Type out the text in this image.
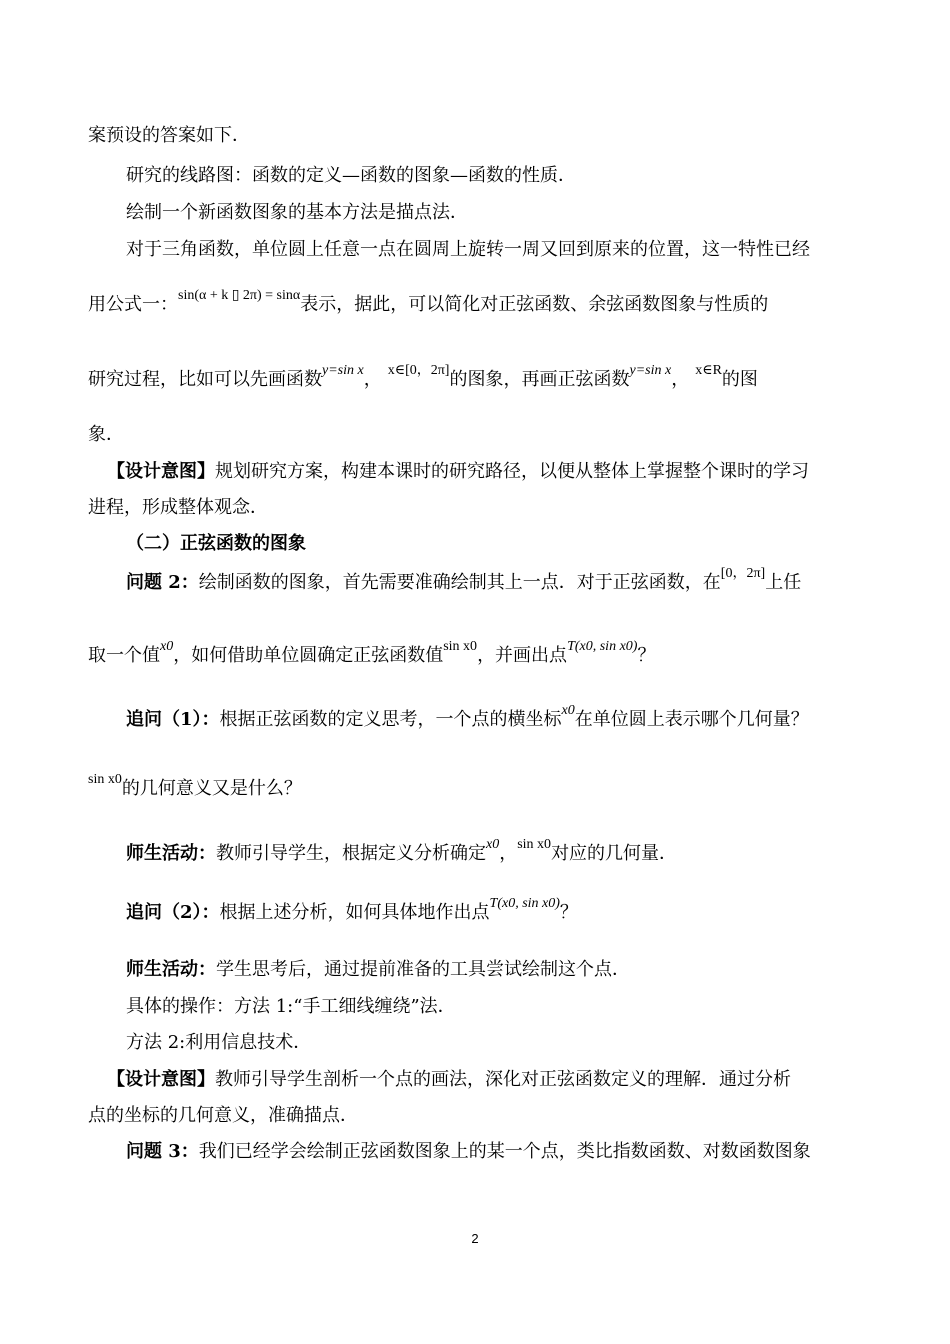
案预设的答案如下．
研究的线路图：函数的定义—函数的图象—函数的性质．
绘制一个新函数图象的基本方法是描点法．
对于三角函数，单位圆上任意一点在圆周上旋转一周又回到原来的位置，这一特性已经
用公式一：$^{sin(\alpha + k ▯ 2\pi) = sin\alpha}$表示，据此，可以简化对正弦函数、余弦函数图象与性质的
研究过程，比如可以先画函数$^{y=sin x}$， $^{x\in[0,2\pi]}$的图象，再画正弦函数$^{y=sin x}$， $^{x\in R}$的图
象．
【设计意图】规划研究方案，构建本课时的研究路径，以便从整体上掌握整个课时的学习
进程，形成整体观念．
（二）正弦函数的图象
问题 2：绘制函数的图象，首先需要准确绘制其上一点．对于正弦函数，在[0，2π]上任
取一个值$^{x0}$，如何借助单位圆确定正弦函数值$^{sin x0}$，并画出点$^{T(x0, sin x0)}$？
追问（1）：根据正弦函数的定义思考，一个点的横坐标$^{x0}$在单位圆上表示哪个几何量？
$^{sin x0}$的几何意义又是什么？
师生活动：教师引导学生，根据定义分析确定$^{x0}$，$^{sin x0}$对应的几何量．
追问（2）：根据上述分析，如何具体地作出点$^{T(x0, sin x0)}$？
师生活动：学生思考后，通过提前准备的工具尝试绘制这个点．
具体的操作：方法 1:“手工细线缠绕”法．
方法 2:利用信息技术．
【设计意图】教师引导学生剖析一个点的画法，深化对正弦函数定义的理解．通过分析
点的坐标的几何意义，准确描点．
问题 3：我们已经学会绘制正弦函数图象上的某一个点，类比指数函数、对数函数图象
2
